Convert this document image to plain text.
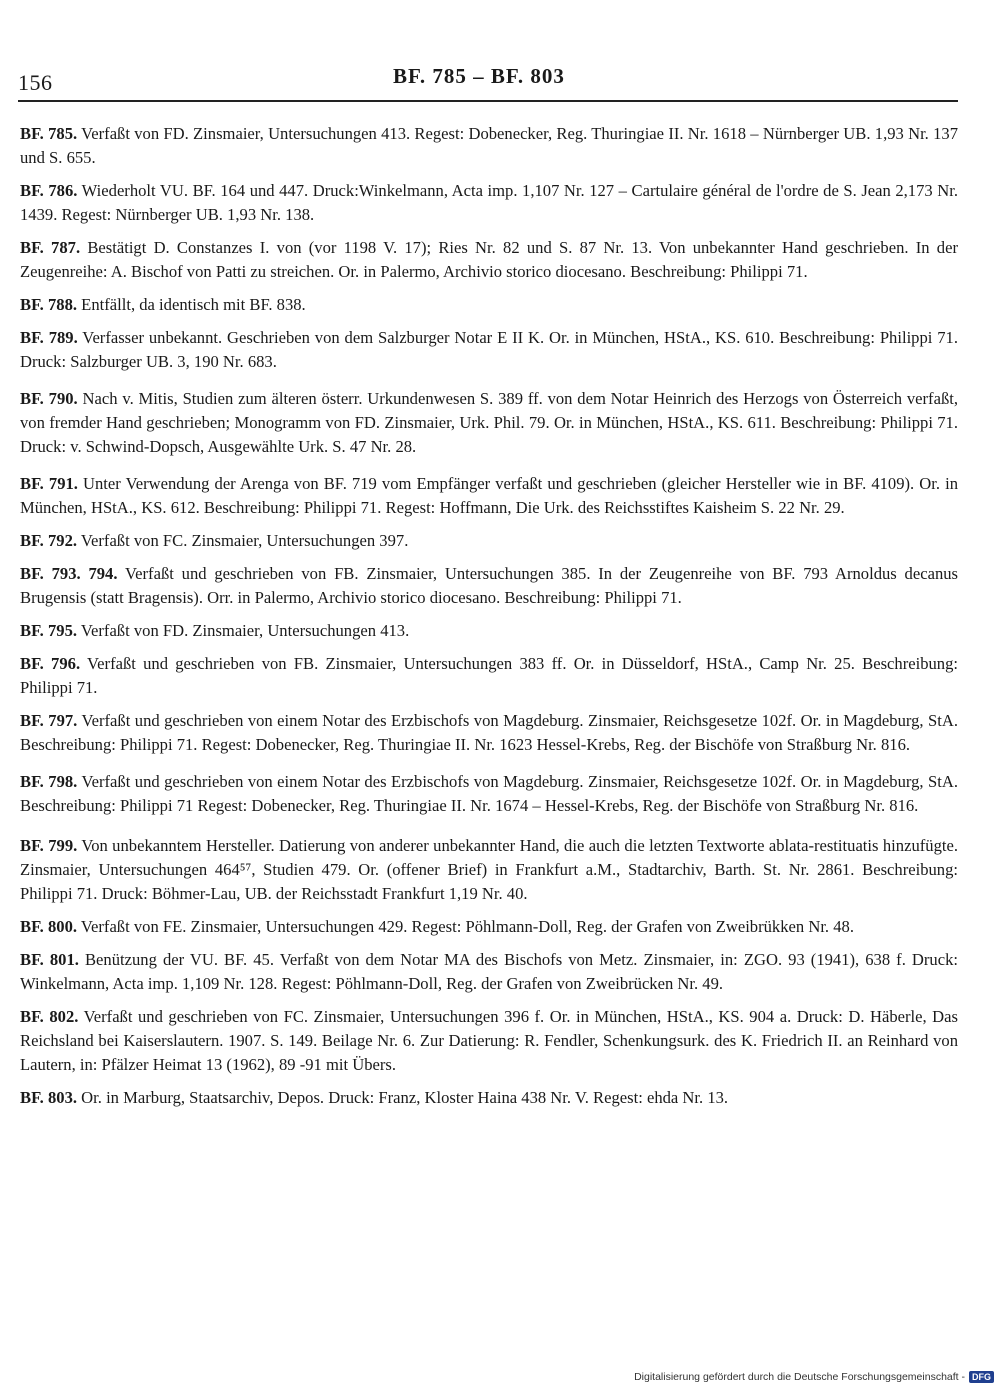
156	BF. 785 – BF. 803

BF. 785. Verfaßt von FD. Zinsmaier, Untersuchungen 413. Regest: Dobenecker, Reg. Thuringiae II. Nr. 1618 – Nürnberger UB. 1,93 Nr. 137 und S. 655.

BF. 786. Wiederholt VU. BF. 164 und 447. Druck:Winkelmann, Acta imp. 1,107 Nr. 127 – Cartulaire général de l'ordre de S. Jean 2,173 Nr. 1439. Regest: Nürnberger UB. 1,93 Nr. 138.

BF. 787. Bestätigt D. Constanzes I. von (vor 1198 V. 17); Ries Nr. 82 und S. 87 Nr. 13. Von unbekannter Hand geschrieben. In der Zeugenreihe: A. Bischof von Patti zu streichen. Or. in Palermo, Archivio storico diocesano. Beschreibung: Philippi 71.

BF. 788. Entfällt, da identisch mit BF. 838.

BF. 789. Verfasser unbekannt. Geschrieben von dem Salzburger Notar E II K. Or. in München, HStA., KS. 610. Beschreibung: Philippi 71. Druck: Salzburger UB. 3, 190 Nr. 683.

BF. 790. Nach v. Mitis, Studien zum älteren österr. Urkundenwesen S. 389 ff. von dem Notar Heinrich des Herzogs von Österreich verfaßt, von fremder Hand geschrieben; Monogramm von FD. Zinsmaier, Urk. Phil. 79. Or. in München, HStA., KS. 611. Beschreibung: Philippi 71. Druck: v. Schwind-Dopsch, Ausgewählte Urk. S. 47 Nr. 28.

BF. 791. Unter Verwendung der Arenga von BF. 719 vom Empfänger verfaßt und geschrieben (gleicher Hersteller wie in BF. 4109). Or. in München, HStA., KS. 612. Beschreibung: Philippi 71. Regest: Hoffmann, Die Urk. des Reichsstiftes Kaisheim S. 22 Nr. 29.

BF. 792. Verfaßt von FC. Zinsmaier, Untersuchungen 397.

BF. 793. 794. Verfaßt und geschrieben von FB. Zinsmaier, Untersuchungen 385. In der Zeugenreihe von BF. 793 Arnoldus decanus Brugensis (statt Bragensis). Orr. in Palermo, Archivio storico diocesano. Beschreibung: Philippi 71.

BF. 795. Verfaßt von FD. Zinsmaier, Untersuchungen 413.

BF. 796. Verfaßt und geschrieben von FB. Zinsmaier, Untersuchungen 383 ff. Or. in Düsseldorf, HStA., Camp Nr. 25. Beschreibung: Philippi 71.

BF. 797. Verfaßt und geschrieben von einem Notar des Erzbischofs von Magdeburg. Zinsmaier, Reichsgesetze 102f. Or. in Magdeburg, StA. Beschreibung: Philippi 71. Regest: Dobenecker, Reg. Thuringiae II. Nr. 1623 Hessel-Krebs, Reg. der Bischöfe von Straßburg Nr. 816.

BF. 798. Verfaßt und geschrieben von einem Notar des Erzbischofs von Magdeburg. Zinsmaier, Reichsgesetze 102f. Or. in Magdeburg, StA. Beschreibung: Philippi 71 Regest: Dobenecker, Reg. Thuringiae II. Nr. 1674 – Hessel-Krebs, Reg. der Bischöfe von Straßburg Nr. 816.

BF. 799. Von unbekanntem Hersteller. Datierung von anderer unbekannter Hand, die auch die letzten Textworte ablata-restituatis hinzufügte. Zinsmaier, Untersuchungen 464⁵⁷, Studien 479. Or. (offener Brief) in Frankfurt a.M., Stadtarchiv, Barth. St. Nr. 2861. Beschreibung: Philippi 71. Druck: Böhmer-Lau, UB. der Reichsstadt Frankfurt 1,19 Nr. 40.

BF. 800. Verfaßt von FE. Zinsmaier, Untersuchungen 429. Regest: Pöhlmann-Doll, Reg. der Grafen von Zweibrükken Nr. 48.

BF. 801. Benützung der VU. BF. 45. Verfaßt von dem Notar MA des Bischofs von Metz. Zinsmaier, in: ZGO. 93 (1941), 638 f. Druck: Winkelmann, Acta imp. 1,109 Nr. 128. Regest: Pöhlmann-Doll, Reg. der Grafen von Zweibrücken Nr. 49.

BF. 802. Verfaßt und geschrieben von FC. Zinsmaier, Untersuchungen 396 f. Or. in München, HStA., KS. 904 a. Druck: D. Häberle, Das Reichsland bei Kaiserslautern. 1907. S. 149. Beilage Nr. 6. Zur Datierung: R. Fendler, Schenkungsurk. des K. Friedrich II. an Reinhard von Lautern, in: Pfälzer Heimat 13 (1962), 89 -91 mit Übers.

BF. 803. Or. in Marburg, Staatsarchiv, Depos. Druck: Franz, Kloster Haina 438 Nr. V. Regest: ehda Nr. 13.

Digitalisierung gefördert durch die Deutsche Forschungsgemeinschaft - DFG
